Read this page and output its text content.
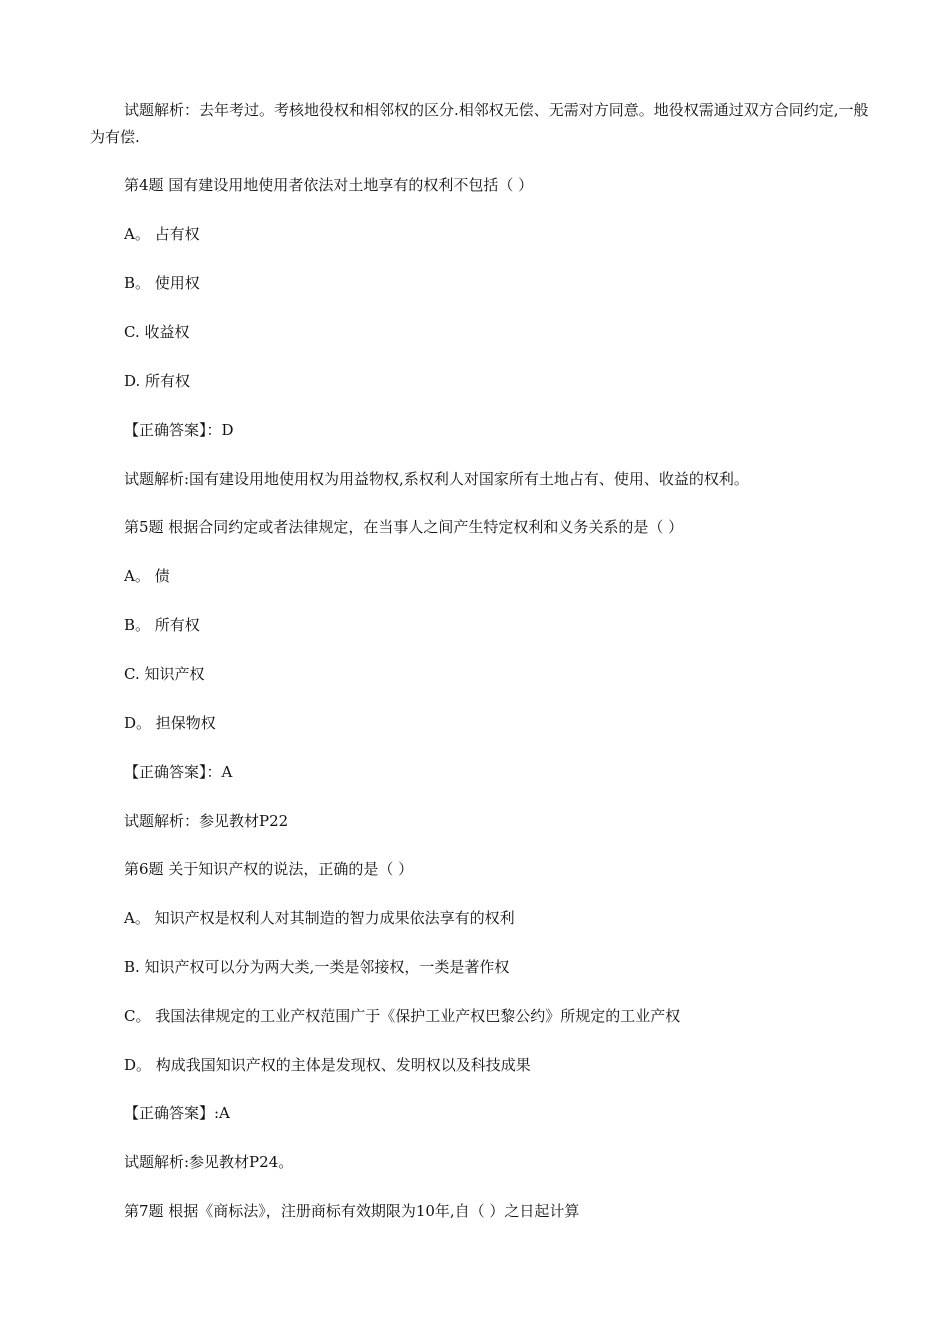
试题解析：去年考过。考核地役权和相邻权的区分.相邻权无偿、无需对方同意。地役权需通过双方合同约定,一般为有偿.
第4题 国有建设用地使用者依法对土地享有的权利不包括（ ）
A。 占有权
B。 使用权
C. 收益权
D. 所有权
【正确答案】：D
试题解析:国有建设用地使用权为用益物权,系权利人对国家所有土地占有、使用、收益的权利。
第5题 根据合同约定或者法律规定，在当事人之间产生特定权利和义务关系的是（ ）
A。 债
B。 所有权
C. 知识产权
D。 担保物权
【正确答案】：A
试题解析：参见教材P22
第6题 关于知识产权的说法，正确的是（ ）
A。 知识产权是权利人对其制造的智力成果依法享有的权利
B. 知识产权可以分为两大类,一类是邻接权，一类是著作权
C。 我国法律规定的工业产权范围广于《保护工业产权巴黎公约》所规定的工业产权
D。 构成我国知识产权的主体是发现权、发明权以及科技成果
【正确答案】:A
试题解析:参见教材P24。
第7题 根据《商标法》，注册商标有效期限为10年,自（ ）之日起计算
